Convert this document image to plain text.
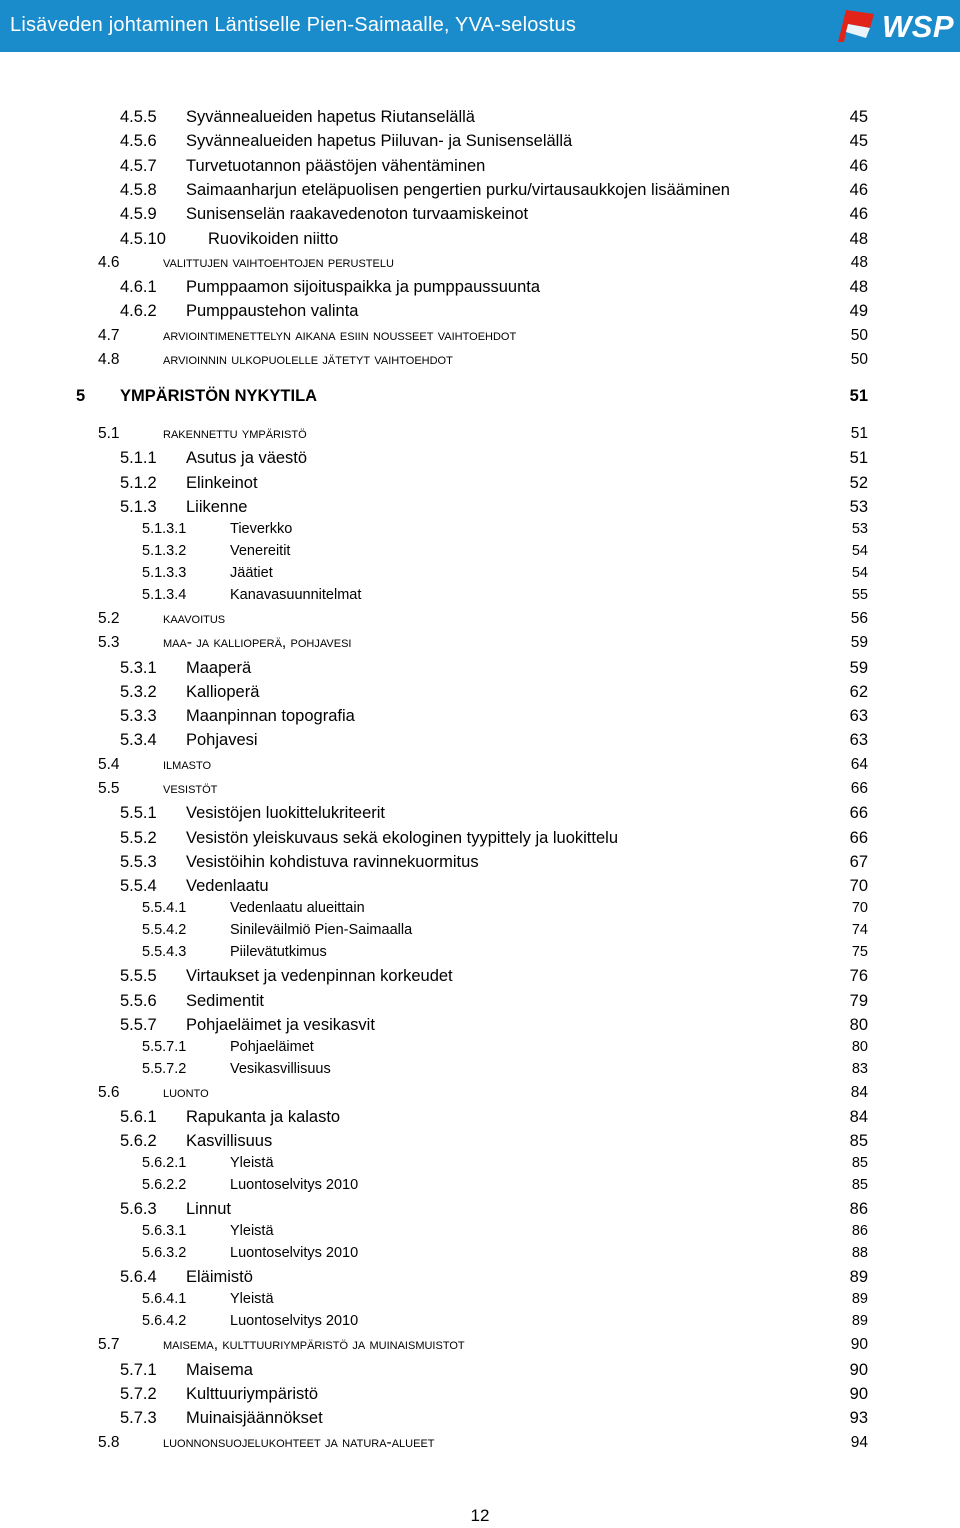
Lisäveden johtaminen Läntiselle Pien-Saimaalle, YVA-selostus	WSP
4.5.5 Syvännealueiden hapetus Riutanselällä	45
4.5.6 Syvännealueiden hapetus Piiluvan- ja Sunisenselällä	45
4.5.7 Turvetuotannon päästöjen vähentäminen	46
4.5.8 Saimaanharjun eteläpuolisen pengertien purku/virtausaukkojen lisääminen	46
4.5.9 Sunisenselän raakavedenoton turvaamiskeinot	46
4.5.10	Ruovikoiden niitto	48
4.6	valittujen vaihtoehtojen perustelu	48
4.6.1 Pumppaamon sijoituspaikka ja pumppaussuunta	48
4.6.2 Pumppaustehon valinta	49
4.7	arviointimenettelyn aikana esiin nousseet vaihtoehdot	50
4.8	arvioinnin ulkopuolelle jätetyt vaihtoehdot	50
5 YMPÄRISTÖN NYKYTILA	51
5.1	rakennettu ympäristö	51
5.1.1 Asutus ja väestö	51
5.1.2 Elinkeinot	52
5.1.3 Liikenne	53
5.1.3.1	Tieverkko	53
5.1.3.2	Venereitit	54
5.1.3.3	Jäätiet	54
5.1.3.4	Kanavasuunnitelmat	55
5.2	kaavoitus	56
5.3	maa- ja kallioperä, pohjavesi	59
5.3.1 Maaperä	59
5.3.2 Kallioperä	62
5.3.3 Maanpinnan topografia	63
5.3.4 Pohjavesi	63
5.4	ilmasto	64
5.5	vesistöt	66
5.5.1 Vesistöjen luokittelukriteerit	66
5.5.2 Vesistön yleiskuvaus sekä ekologinen tyypittely ja luokittelu	66
5.5.3 Vesistöihin kohdistuva ravinnekuormitus	67
5.5.4 Vedenlaatu	70
5.5.4.1	Vedenlaatu alueittain	70
5.5.4.2	Sinileväilmiö Pien-Saimaalla	74
5.5.4.3	Piilevätutkimus	75
5.5.5 Virtaukset ja vedenpinnan korkeudet	76
5.5.6 Sedimentit	79
5.5.7 Pohjaeläimet ja vesikasvit	80
5.5.7.1	Pohjaeläimet	80
5.5.7.2	Vesikasvillisuus	83
5.6	luonto	84
5.6.1 Rapukanta ja kalasto	84
5.6.2 Kasvillisuus	85
5.6.2.1	Yleistä	85
5.6.2.2	Luontoselvitys 2010	85
5.6.3 Linnut	86
5.6.3.1	Yleistä	86
5.6.3.2	Luontoselvitys 2010	88
5.6.4 Eläimistö	89
5.6.4.1	Yleistä	89
5.6.4.2	Luontoselvitys 2010	89
5.7	maisema, kulttuuriympäristö ja muinaismuistot	90
5.7.1 Maisema	90
5.7.2 Kulttuuriympäristö	90
5.7.3 Muinaisjäännökset	93
5.8	luonnonsuojelukohteet ja natura-alueet	94
12
